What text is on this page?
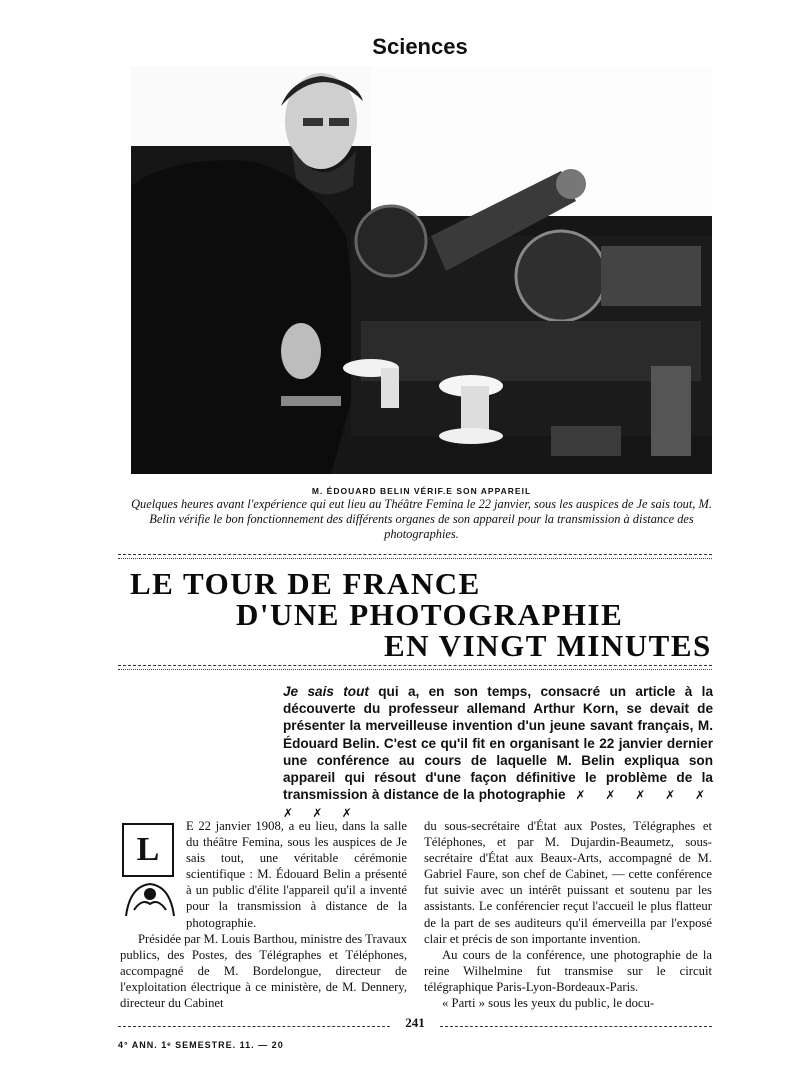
Sciences
M. ÉDOUARD BELIN VÉRIF.E SON APPAREIL
Quelques heures avant l'expérience qui eut lieu au Théâtre Femina le 22 janvier, sous les auspices de Je sais tout, M. Belin vérifie le bon fonctionnement des différents organes de son appareil pour la transmission à distance des photographies.
LE TOUR DE FRANCE
D'UNE PHOTOGRAPHIE
EN VINGT MINUTES
Je sais tout qui a, en son temps, consacré un article à la découverte du professeur allemand Arthur Korn, se devait de présenter la merveilleuse invention d'un jeune savant français, M. Édouard Belin. C'est ce qu'il fit en organisant le 22 janvier dernier une conférence au cours de laquelle M. Belin expliqua son appareil qui résout d'une façon définitive le problème de la transmission à distance de la photographie ✗ ✗ ✗ ✗ ✗ ✗ ✗ ✗
L

E 22 janvier 1908, a eu lieu, dans la salle du théâtre Femina, sous les auspices de Je sais tout, une véritable cérémonie scientifique : M. Édouard Belin a présenté à un public d'élite l'appareil qu'il a inventé pour la transmission à distance de la photographie.

Présidée par M. Louis Barthou, ministre des Travaux publics, des Postes, des Télégraphes et Téléphones, accompagné de M. Bordelongue, directeur de l'exploitation électrique à ce ministère, de M. Dennery, directeur du Cabinet

du sous-secrétaire d'État aux Postes, Télégraphes et Téléphones, et par M. Dujardin-Beaumetz, sous-secrétaire d'État aux Beaux-Arts, accompagné de M. Gabriel Faure, son chef de Cabinet, — cette conférence fut suivie avec un intérêt puissant et soutenu par les assistants. Le conférencier reçut l'accueil le plus flatteur de la part de ses auditeurs qu'il émerveilla par l'exposé clair et précis de son importante invention.

Au cours de la conférence, une photographie de la reine Wilhelmine fut transmise sur le circuit télégraphique Paris-Lyon-Bordeaux-Paris.

« Parti » sous les yeux du public, le docu-

241
4° ANN. 1ᵉ SEMESTRE. 11. — 20
